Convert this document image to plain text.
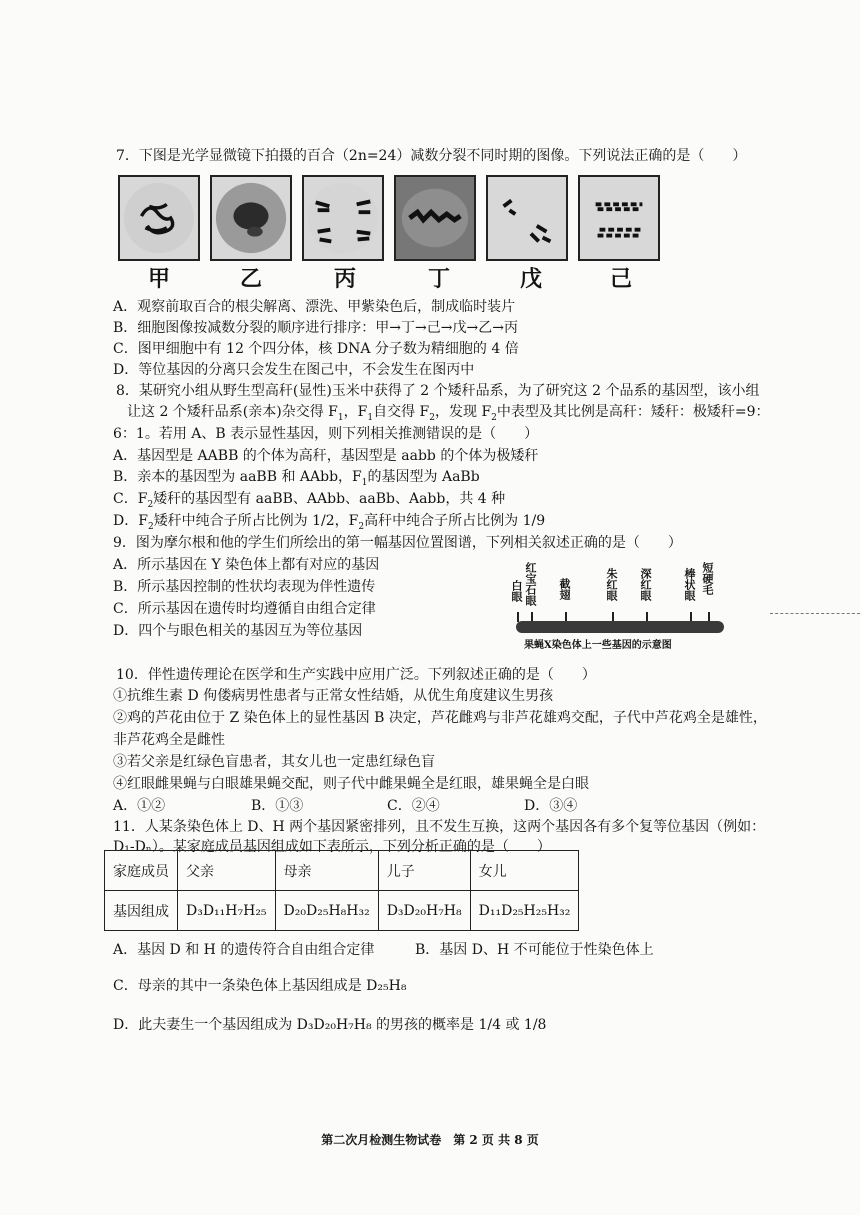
7．下图是光学显微镜下拍摄的百合（2n=24）减数分裂不同时期的图像。下列说法正确的是（　　）
甲	乙	丙	丁	戊	己
A．观察前取百合的根尖解离、漂洗、甲紫染色后，制成临时装片
B．细胞图像按减数分裂的顺序进行排序：甲→丁→己→戊→乙→丙
C．图甲细胞中有 12 个四分体，核 DNA 分子数为精细胞的 4 倍
D．等位基因的分离只会发生在图己中，不会发生在图丙中
8．某研究小组从野生型高秆(显性)玉米中获得了 2 个矮秆品系，为了研究这 2 个品系的基因型，该小组
让这 2 个矮秆品系(亲本)杂交得 $F_1$，$F_1$自交得 $F_2$，发现 $F_2$中表型及其比例是高秆：矮秆：极矮秆=9：
6：1。若用 A、B 表示显性基因，则下列相关推测错误的是（　　）
A．基因型是 AABB 的个体为高秆，基因型是 aabb 的个体为极矮秆
B．亲本的基因型为 aaBB 和 AAbb，$F_1$的基因型为 AaBb
C．$F_2$矮秆的基因型有 aaBB、AAbb、aaBb、Aabb，共 4 种
D．$F_2$矮秆中纯合子所占比例为 1/2，$F_2$高秆中纯合子所占比例为 1/9
9．图为摩尔根和他的学生们所绘出的第一幅基因位置图谱，下列相关叙述正确的是（　　）
A．所示基因在 Y 染色体上都有对应的基因
B．所示基因控制的性状均表现为伴性遗传
C．所示基因在遗传时均遵循自由组合定律
D．四个与眼色相关的基因互为等位基因
白眼 红宝石眼 截翅	朱红眼 深红眼	棒状眼 短硬毛
果蝇X染色体上一些基因的示意图
10．伴性遗传理论在医学和生产实践中应用广泛。下列叙述正确的是（　　）
①抗维生素 D 佝偻病男性患者与正常女性结婚，从优生角度建议生男孩
②鸡的芦花由位于 Z 染色体上的显性基因 B 决定，芦花雌鸡与非芦花雄鸡交配，子代中芦花鸡全是雄性，
非芦花鸡全是雌性
③若父亲是红绿色盲患者，其女儿也一定患红绿色盲
④红眼雌果蝇与白眼雄果蝇交配，则子代中雌果蝇全是红眼，雄果蝇全是白眼
A．①②	B．①③	C．②④	D．③④
11．人某条染色体上 D、H 两个基因紧密排列，且不发生互换，这两个基因各有多个复等位基因（例如：
D₁-Dₙ）。某家庭成员基因组成如下表所示，下列分析正确的是（　　）
家庭成员	父亲	母亲	儿子	女儿
基因组成	D₃D₁₁H₇H₂₅	D₂₀D₂₅H₈H₃₂	D₃D₂₀H₇H₈	D₁₁D₂₅H₂₅H₃₂
A．基因 D 和 H 的遗传符合自由组合定律	B．基因 D、H 不可能位于性染色体上
C．母亲的其中一条染色体上基因组成是 D₂₅H₈
D．此夫妻生一个基因组成为 D₃D₂₀H₇H₈ 的男孩的概率是 1/4 或 1/8
第二次月检测生物试卷　第 2 页 共 8 页
